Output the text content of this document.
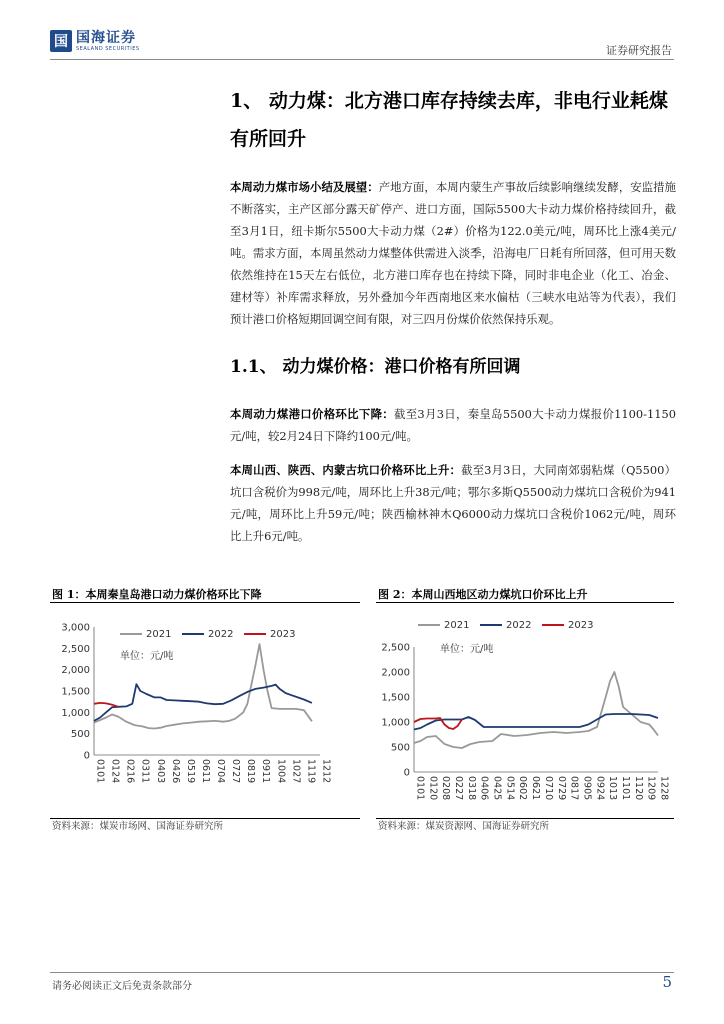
国 国海证券
SEALAND SECURITIES	证券研究报告
1、 动力煤：北方港口库存持续去库，非电行业耗煤有所回升
本周动力煤市场小结及展望：产地方面，本周内蒙生产事故后续影响继续发酵，安监措施不断落实，主产区部分露天矿停产、进口方面，国际5500大卡动力煤价格持续回升，截至3月1日，纽卡斯尔5500大卡动力煤（2#）价格为122.0美元/吨，周环比上涨4美元/吨。需求方面，本周虽然动力煤整体供需进入淡季，沿海电厂日耗有所回落，但可用天数依然维持在15天左右低位，北方港口库存也在持续下降，同时非电企业（化工、冶金、建材等）补库需求释放，另外叠加今年西南地区来水偏枯（三峡水电站等为代表），我们预计港口价格短期回调空间有限，对三四月份煤价依然保持乐观。
1.1、 动力煤价格：港口价格有所回调
本周动力煤港口价格环比下降：截至3月3日，秦皇岛5500大卡动力煤报价1100-1150元/吨，较2月24日下降约100元/吨。
本周山西、陕西、内蒙古坑口价格环比上升：截至3月3日，大同南郊弱粘煤（Q5500）坑口含税价为998元/吨，周环比上升38元/吨；鄂尔多斯Q5500动力煤坑口含税价为941元/吨，周环比上升59元/吨；陕西榆林神木Q6000动力煤坑口含税价1062元/吨，周环比上升6元/吨。
图 1：本周秦皇岛港口动力煤价格环比下降	图 2：本周山西地区动力煤坑口价环比上升
0
500
1,000
1,500
2,000
2,500
3,000
0101 0124 0216 0311 0403 0426 0519 0611 0704 0727 0819 0911 1004 1027 1119 1212
单位：元/吨
2021	2022	2023
0
500
1,000
1,500
2,000
2,500
0101 0120 0208 0227 0318 0406 0425 0514 0602 0621 0710 0729 0817 0905 0924 1013 1101 1120 1209 1228
单位：元/吨
2021	2022	2023
资料来源：煤炭市场网、国海证券研究所	资料来源：煤炭资源网、国海证券研究所
请务必阅读正文后免责条款部分	5
